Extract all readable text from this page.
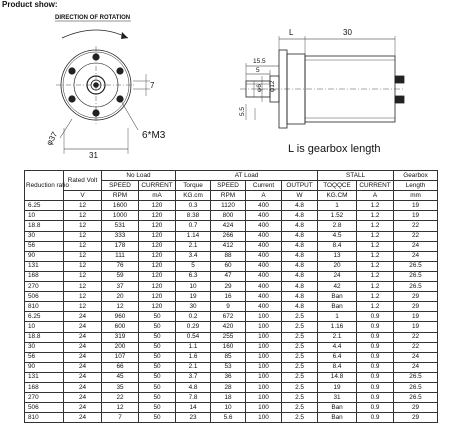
Product show:
DIRECTION OF ROTATION
7
6*M3
φ37
31
L	30
15.5
5
φ12
φ6
5.5
L is gearbox length
Reduction ratio	Rated Volt	No Load		AT Load				STALL		Gearbox
		SPEED	CURRENT	Torque	SPEED	Current	OUTPUT	TOQQCE	CURRENT	Length
	V	RPM	mA	KG.cm	RPM	A	W	KG.CM	A	mm
6.25	12	1600	120	0.3	1120	400	4.8	1	1.2	19
10	12	1000	120	8.38	800	400	4.8	1.52	1.2	19
18.8	12	531	120	0.7	424	400	4.8	2.8	1.2	22
30	12	333	120	1.14	266	400	4.8	4.5	1.2	22
56	12	178	120	2.1	412	400	4.8	8.4	1.2	24
90	12	111	120	3.4	88	400	4.8	13	1.2	24
131	12	76	120	5	60	400	4.8	20	1.2	26.5
168	12	59	120	6.3	47	400	4.8	24	1.2	26.5
270	12	37	120	10	29	400	4.8	42	1.2	26.5
506	12	20	120	19	16	400	4.8	Ban	1.2	29
810	12	12	120	30	9	400	4.8	Ban	1.2	29
6.25	24	960	50	0.2	672	100	2.5	1	0.9	19
10	24	600	50	0.29	420	100	2.5	1.16	0.9	19
18.8	24	319	50	0.54	255	100	2.5	2.1	0.9	22
30	24	200	50	1.1	160	100	2.5	4.4	0.9	22
56	24	107	50	1.6	85	100	2.5	6.4	0.9	24
90	24	66	50	2.1	53	100	2.5	8.4	0.9	24
131	24	45	50	3.7	36	100	2.5	14.8	0.9	26.5
168	24	35	50	4.8	28	100	2.5	19	0.9	26.5
270	24	22	50	7.8	18	100	2.5	31	0.9	26.5
506	24	12	50	14	10	100	2.5	Ban	0.9	29
810	24	7	50	23	5.6	100	2.5	Ban	0.9	29
